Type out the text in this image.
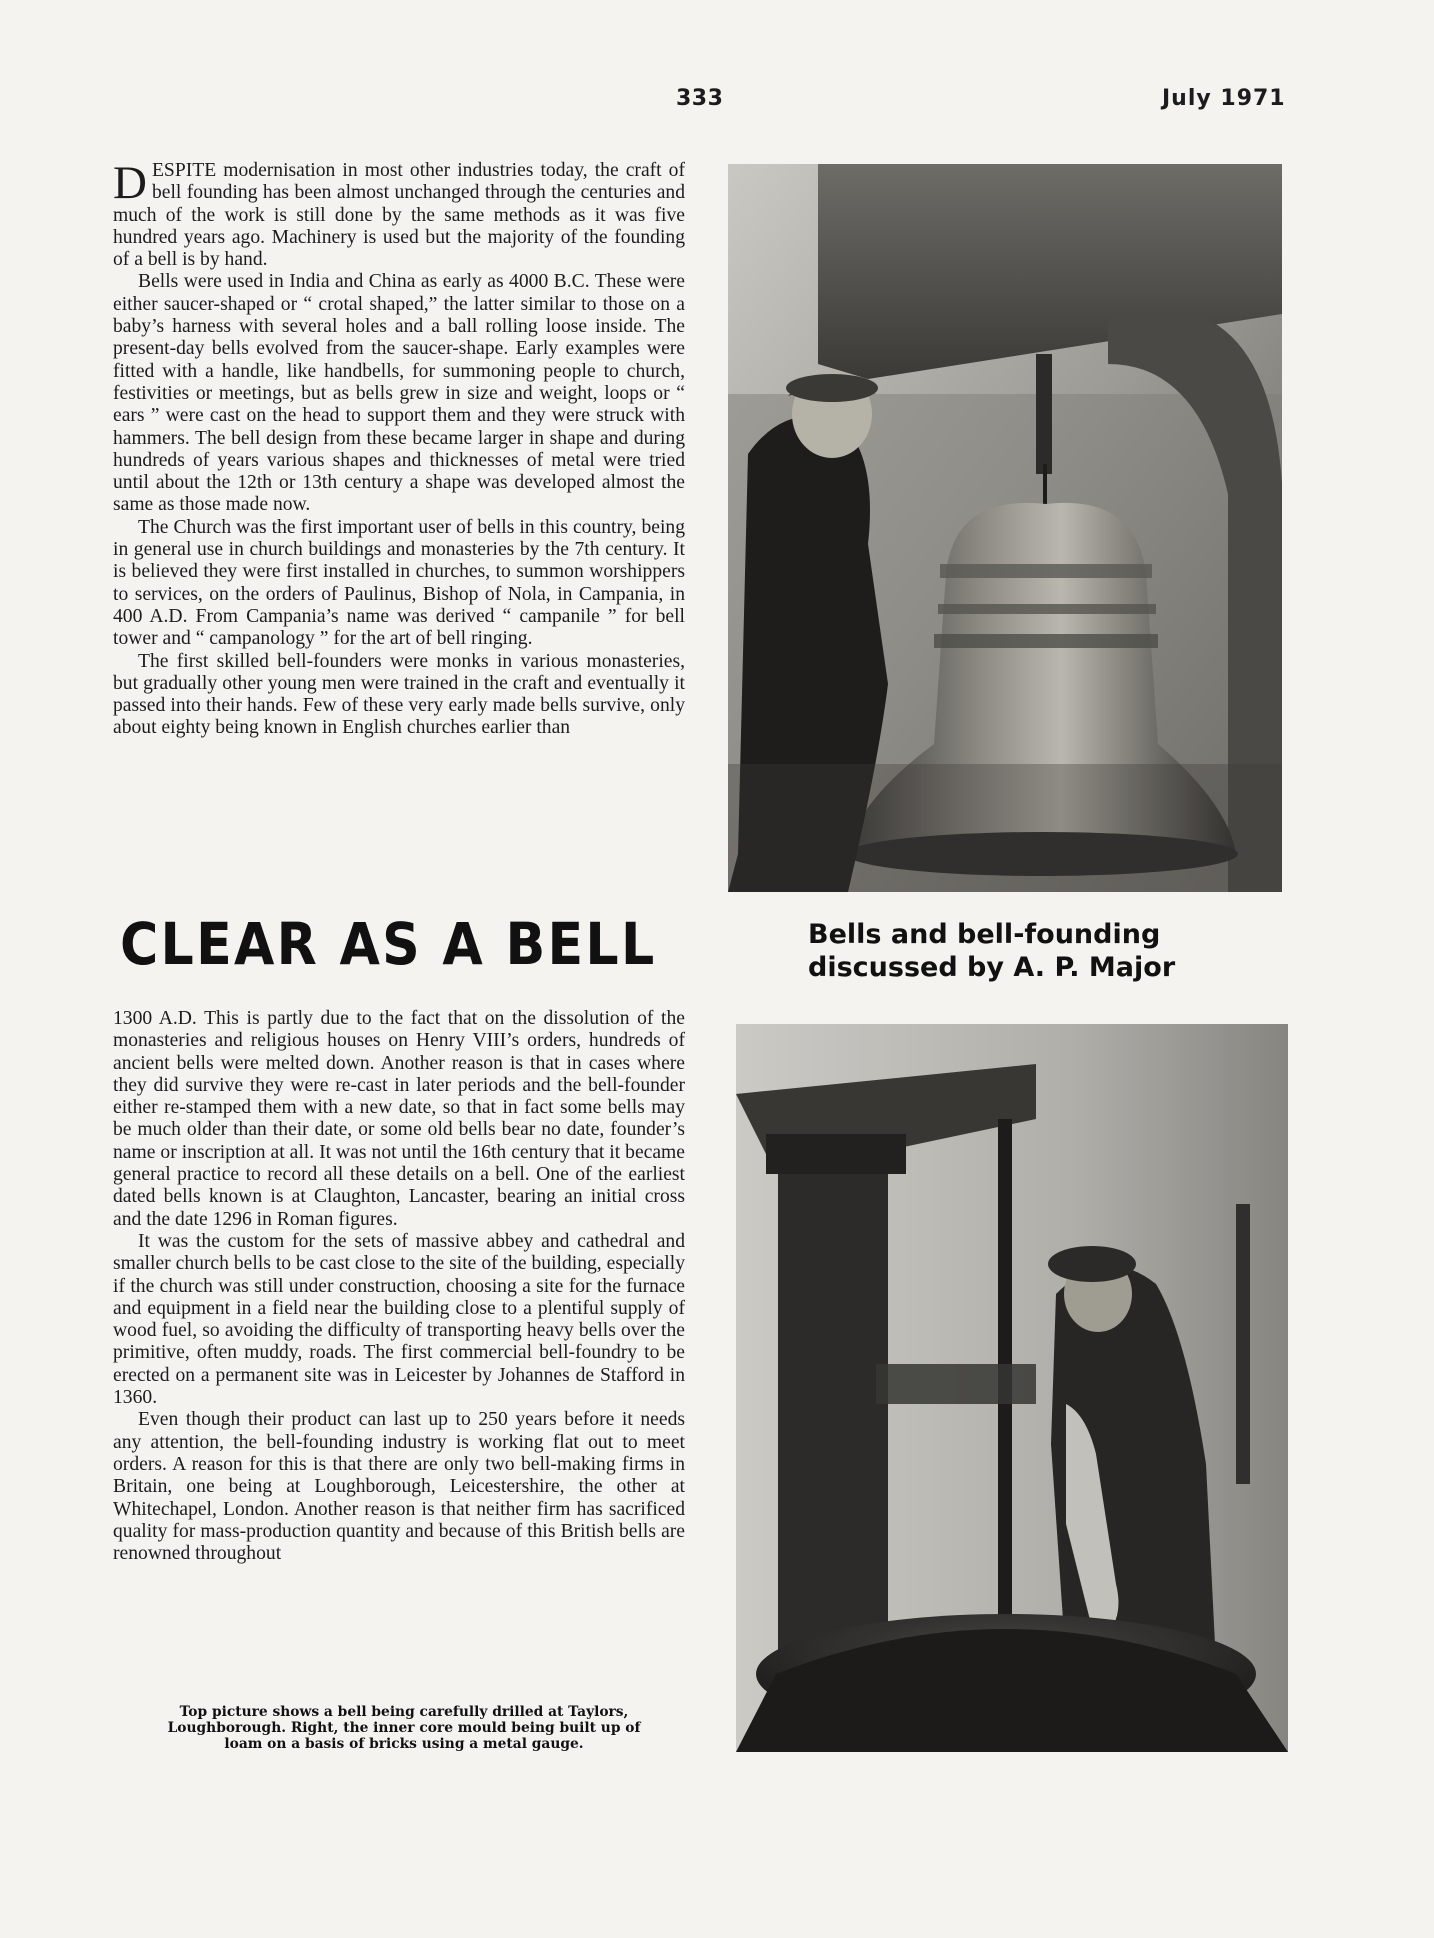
333	July 1971

DESPITE modernisation in most other industries today, the craft of bell founding has been almost unchanged through the centuries and much of the work is still done by the same methods as it was five hundred years ago. Machinery is used but the majority of the founding of a bell is by hand.

Bells were used in India and China as early as 4000 B.C. These were either saucer-shaped or “ crotal shaped,” the latter similar to those on a baby’s harness with several holes and a ball rolling loose inside. The present-day bells evolved from the saucer-shape. Early examples were fitted with a handle, like handbells, for summoning people to church, festivities or meetings, but as bells grew in size and weight, loops or “ ears ” were cast on the head to support them and they were struck with hammers. The bell design from these became larger in shape and during hundreds of years various shapes and thicknesses of metal were tried until about the 12th or 13th century a shape was developed almost the same as those made now.

The Church was the first important user of bells in this country, being in general use in church buildings and monasteries by the 7th century. It is believed they were first installed in churches, to summon worshippers to services, on the orders of Paulinus, Bishop of Nola, in Campania, in 400 A.D. From Campania’s name was derived “ campanile ” for bell tower and “ campanology ” for the art of bell ringing.

The first skilled bell-founders were monks in various monasteries, but gradually other young men were trained in the craft and eventually it passed into their hands. Few of these very early made bells survive, only about eighty being known in English churches earlier than

CLEAR AS A BELL	Bells and bell-founding
discussed by A. P. Major

1300 A.D. This is partly due to the fact that on the dissolution of the monasteries and religious houses on Henry VIII’s orders, hundreds of ancient bells were melted down. Another reason is that in cases where they did survive they were re-cast in later periods and the bell-founder either re-stamped them with a new date, so that in fact some bells may be much older than their date, or some old bells bear no date, founder’s name or inscription at all. It was not until the 16th century that it became general practice to record all these details on a bell. One of the earliest dated bells known is at Claughton, Lancaster, bearing an initial cross and the date 1296 in Roman figures.

It was the custom for the sets of massive abbey and cathedral and smaller church bells to be cast close to the site of the building, especially if the church was still under construction, choosing a site for the furnace and equipment in a field near the building close to a plentiful supply of wood fuel, so avoiding the difficulty of transporting heavy bells over the primitive, often muddy, roads. The first commercial bell-foundry to be erected on a permanent site was in Leicester by Johannes de Stafford in 1360.

Even though their product can last up to 250 years before it needs any attention, the bell-founding industry is working flat out to meet orders. A reason for this is that there are only two bell-making firms in Britain, one being at Loughborough, Leicestershire, the other at Whitechapel, London. Another reason is that neither firm has sacrificed quality for mass-production quantity and because of this British bells are renowned throughout

Top picture shows a bell being carefully drilled at Taylors,
Loughborough. Right, the inner core mould being built up of
loam on a basis of bricks using a metal gauge.
